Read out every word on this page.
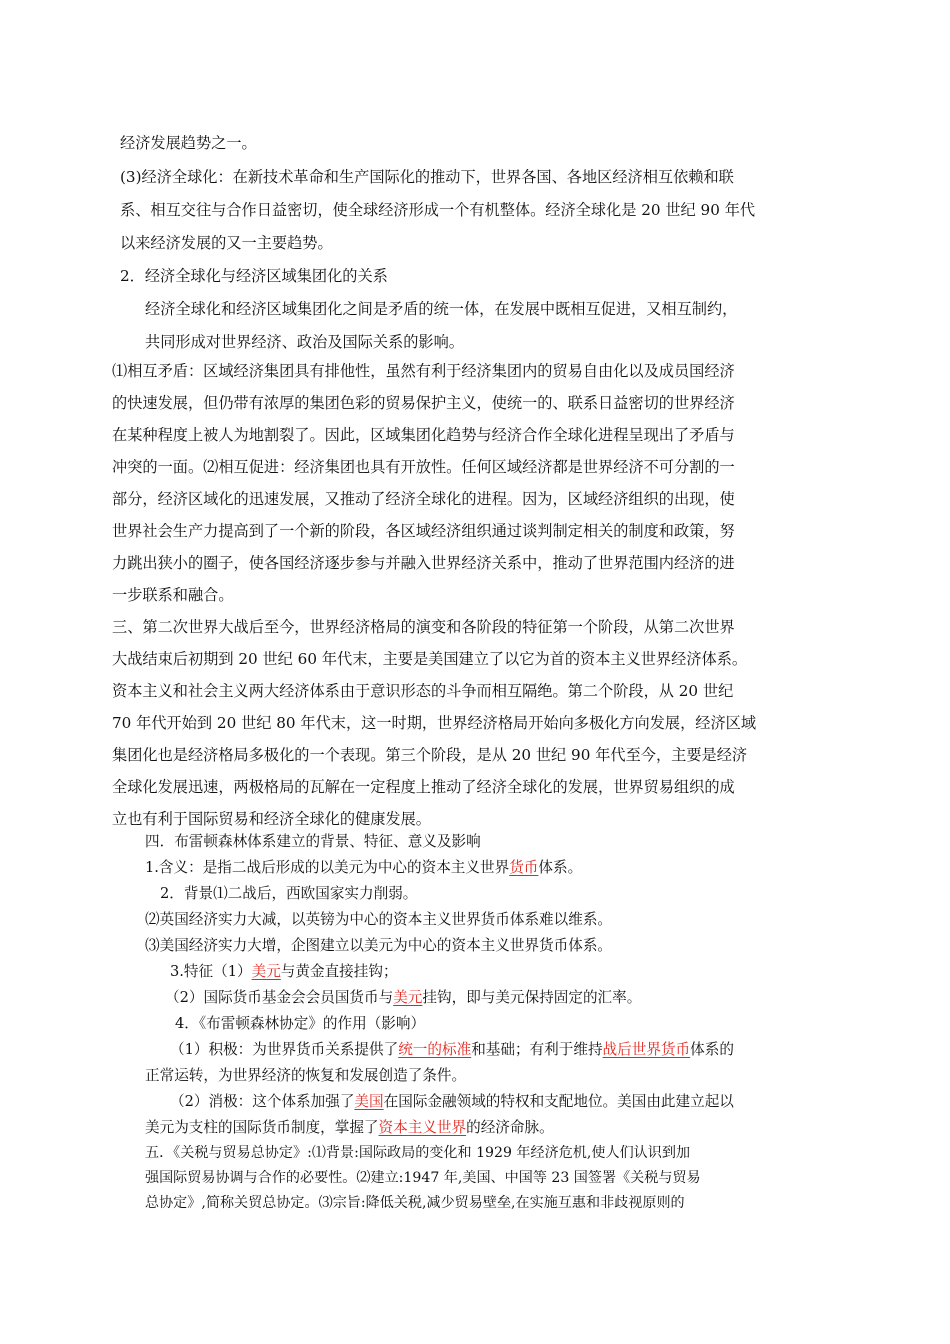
经济发展趋势之一。
(3)经济全球化：在新技术革命和生产国际化的推动下，世界各国、各地区经济相互依赖和联
系、相互交往与合作日益密切，使全球经济形成一个有机整体。经济全球化是 20 世纪 90 年代
以来经济发展的又一主要趋势。
2．经济全球化与经济区域集团化的关系
经济全球化和经济区域集团化之间是矛盾的统一体，在发展中既相互促进，又相互制约，
共同形成对世界经济、政治及国际关系的影响。
⑴相互矛盾：区域经济集团具有排他性，虽然有利于经济集团内的贸易自由化以及成员国经济
的快速发展，但仍带有浓厚的集团色彩的贸易保护主义，使统一的、联系日益密切的世界经济
在某种程度上被人为地割裂了。因此，区域集团化趋势与经济合作全球化进程呈现出了矛盾与
冲突的一面。⑵相互促进：经济集团也具有开放性。任何区域经济都是世界经济不可分割的一
部分，经济区域化的迅速发展，又推动了经济全球化的进程。因为，区域经济组织的出现，使
世界社会生产力提高到了一个新的阶段，各区域经济组织通过谈判制定相关的制度和政策，努
力跳出狭小的圈子，使各国经济逐步参与并融入世界经济关系中，推动了世界范围内经济的进
一步联系和融合。
三、第二次世界大战后至今，世界经济格局的演变和各阶段的特征第一个阶段，从第二次世界
大战结束后初期到 20 世纪 60 年代末，主要是美国建立了以它为首的资本主义世界经济体系。
资本主义和社会主义两大经济体系由于意识形态的斗争而相互隔绝。第二个阶段，从 20 世纪
70 年代开始到 20 世纪 80 年代末，这一时期，世界经济格局开始向多极化方向发展，经济区域
集团化也是经济格局多极化的一个表现。第三个阶段，是从 20 世纪 90 年代至今，主要是经济
全球化发展迅速，两极格局的瓦解在一定程度上推动了经济全球化的发展，世界贸易组织的成
立也有利于国际贸易和经济全球化的健康发展。
四．布雷顿森林体系建立的背景、特征、意义及影响
1.含义：是指二战后形成的以美元为中心的资本主义世界货币体系。
2．背景⑴二战后，西欧国家实力削弱。
⑵英国经济实力大减，以英镑为中心的资本主义世界货币体系难以维系。
⑶美国经济实力大增，企图建立以美元为中心的资本主义世界货币体系。
3.特征（1）美元与黄金直接挂钩；
（2）国际货币基金会会员国货币与美元挂钩，即与美元保持固定的汇率。
4．《布雷顿森林协定》的作用（影响）
（1）积极：为世界货币关系提供了统一的标准和基础；有利于维持战后世界货币体系的
正常运转，为世界经济的恢复和发展创造了条件。
（2）消极：这个体系加强了美国在国际金融领域的特权和支配地位。美国由此建立起以
美元为支柱的国际货币制度，掌握了资本主义世界的经济命脉。
五．《关税与贸易总协定》:⑴背景:国际政局的变化和 1929 年经济危机,使人们认识到加
强国际贸易协调与合作的必要性。⑵建立:1947 年,美国、中国等 23 国签署《关税与贸易
总协定》,简称关贸总协定。⑶宗旨:降低关税,减少贸易壁垒,在实施互惠和非歧视原则的
